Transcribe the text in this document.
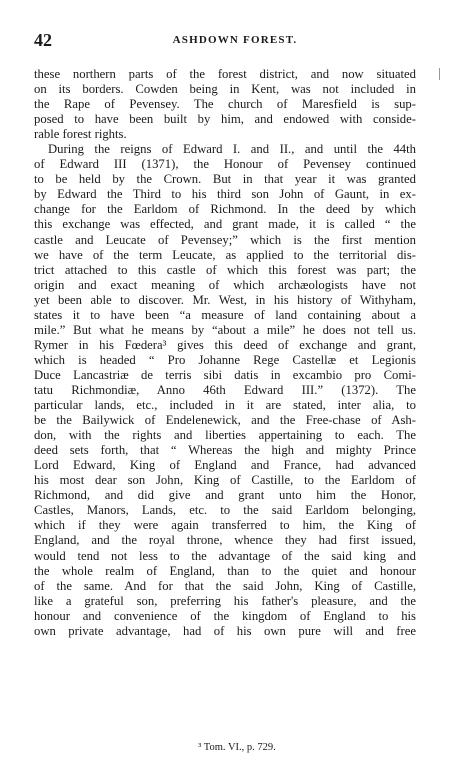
42	ASHDOWN FOREST.
these northern parts of the forest district, and now situated
on its borders. Cowden being in Kent, was not included in
the Rape of Pevensey. The church of Maresfield is sup-
posed to have been built by him, and endowed with conside-
rable forest rights.
During the reigns of Edward I. and II., and until the 44th
of Edward III (1371), the Honour of Pevensey continued
to be held by the Crown. But in that year it was granted
by Edward the Third to his third son John of Gaunt, in ex-
change for the Earldom of Richmond. In the deed by which
this exchange was effected, and grant made, it is called “ the
castle and Leucate of Pevensey;” which is the first mention
we have of the term Leucate, as applied to the territorial dis-
trict attached to this castle of which this forest was part; the
origin and exact meaning of which archæologists have not
yet been able to discover. Mr. West, in his history of Withyham,
states it to have been “a measure of land containing about a
mile.” But what he means by “about a mile” he does not tell us.
Rymer in his Fœdera³ gives this deed of exchange and grant,
which is headed “ Pro Johanne Rege Castellæ et Legionis
Duce Lancastriæ de terris sibi datis in excambio pro Comi-
tatu Richmondiæ, Anno 46th Edward III.” (1372). The
particular lands, etc., included in it are stated, inter alia, to
be the Bailywick of Endelenewick, and the Free-chase of Ash-
don, with the rights and liberties appertaining to each. The
deed sets forth, that “ Whereas the high and mighty Prince
Lord Edward, King of England and France, had advanced
his most dear son John, King of Castille, to the Earldom of
Richmond, and did give and grant unto him the Honor,
Castles, Manors, Lands, etc. to the said Earldom belonging,
which if they were again transferred to him, the King of
England, and the royal throne, whence they had first issued,
would tend not less to the advantage of the said king and
the whole realm of England, than to the quiet and honour
of the same. And for that the said John, King of Castille,
like a grateful son, preferring his father's pleasure, and the
honour and convenience of the kingdom of England to his
own private advantage, had of his own pure will and free
³ Tom. VI., p. 729.
